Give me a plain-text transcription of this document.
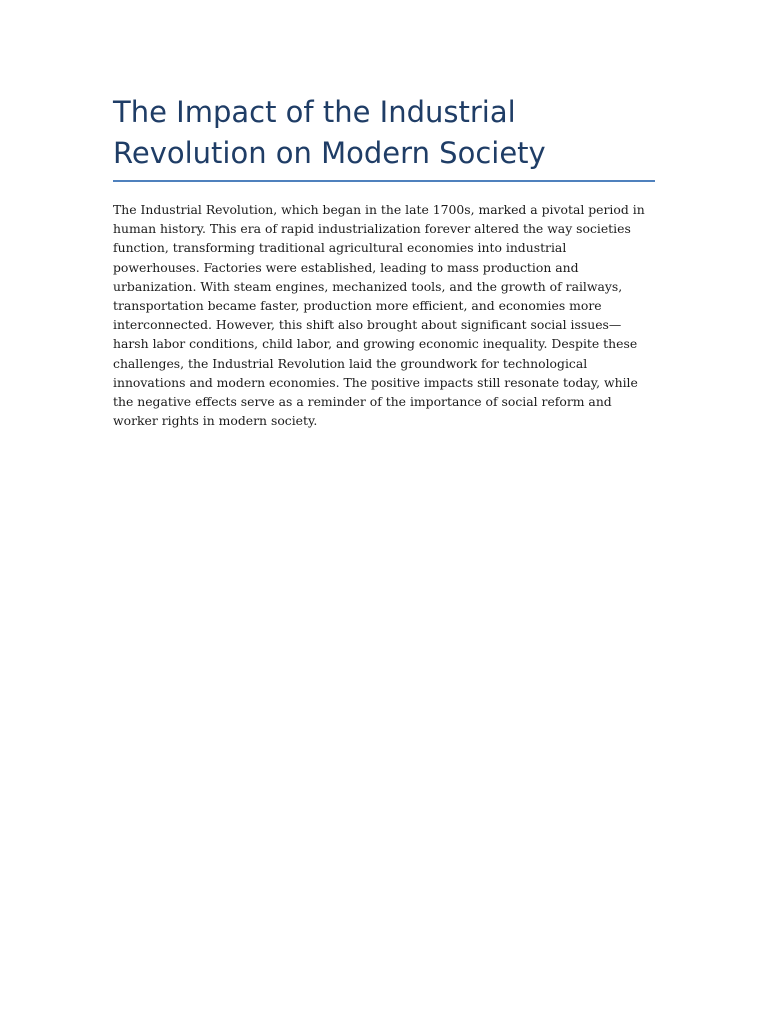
The Impact of the Industrial Revolution on Modern Society

The Industrial Revolution, which began in the late 1700s, marked a pivotal period in human history. This era of rapid industrialization forever altered the way societies function, transforming traditional agricultural economies into industrial powerhouses. Factories were established, leading to mass production and urbanization. With steam engines, mechanized tools, and the growth of railways, transportation became faster, production more efficient, and economies more interconnected. However, this shift also brought about significant social issues—harsh labor conditions, child labor, and growing economic inequality. Despite these challenges, the Industrial Revolution laid the groundwork for technological innovations and modern economies. The positive impacts still resonate today, while the negative effects serve as a reminder of the importance of social reform and worker rights in modern society.
